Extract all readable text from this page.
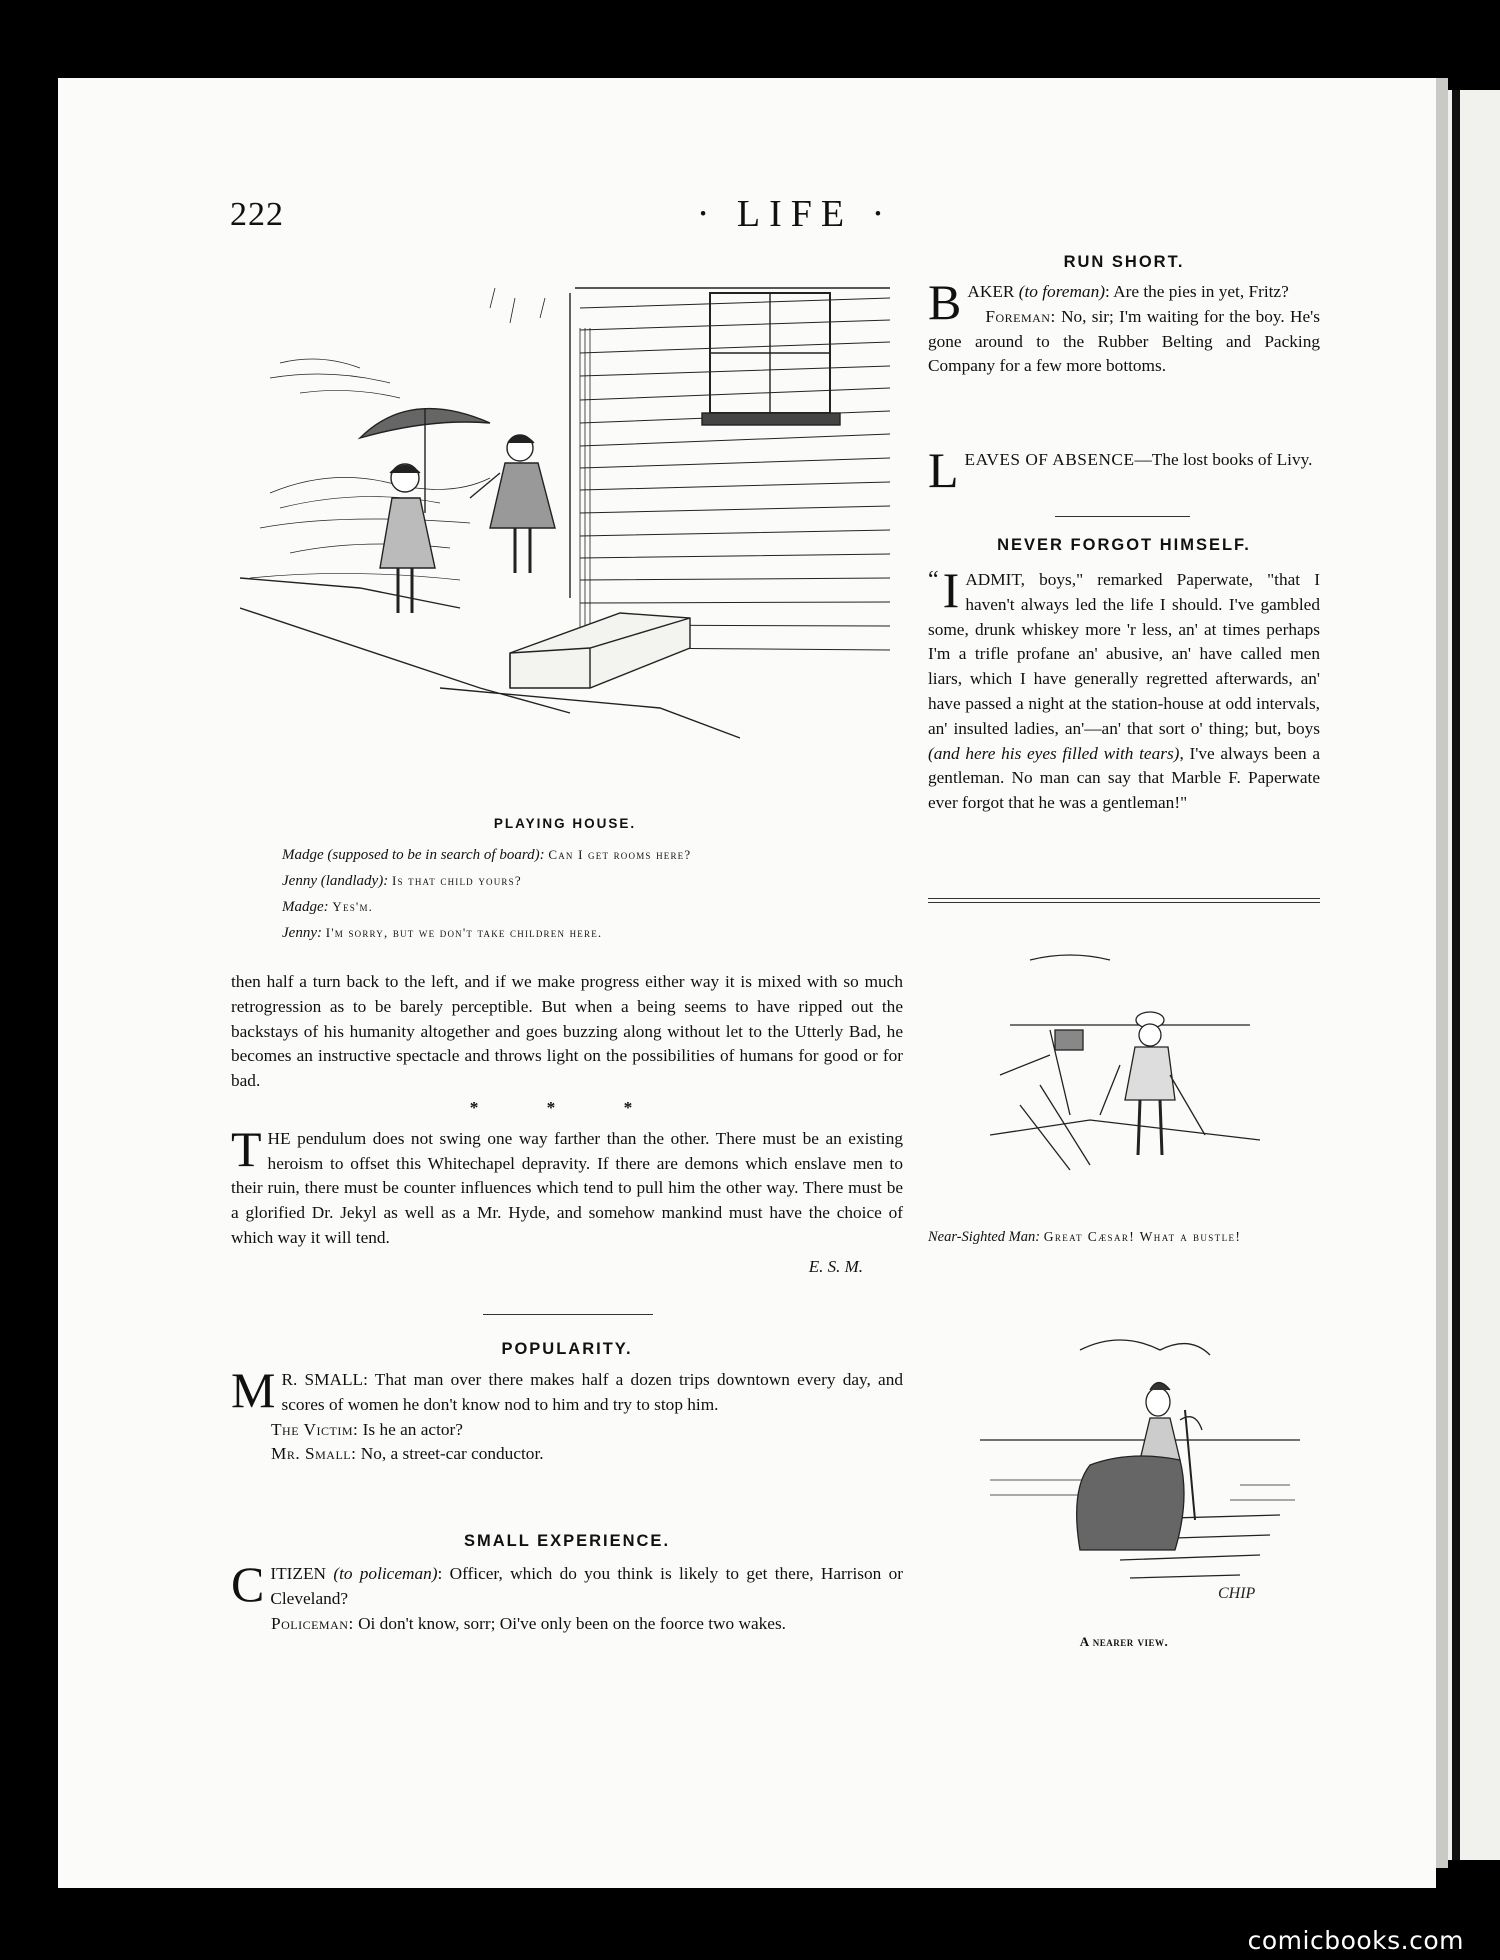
222	· LIFE ·
PLAYING HOUSE.
Madge (supposed to be in search of board): Can I get rooms here?
Jenny (landlady): Is that child yours?
Madge: Yes'm.
Jenny: I'm sorry, but we don't take children here.

then half a turn back to the left, and if we make progress either way it is mixed with so much retrogression as to be barely perceptible. But when a being seems to have ripped out the backstays of his humanity altogether and goes buzzing along without let to the Utterly Bad, he becomes an instructive spectacle and throws light on the possibilities of humans for good or for bad.

* * *

THE pendulum does not swing one way farther than the other. There must be an existing heroism to offset this Whitechapel depravity. If there are demons which enslave men to their ruin, there must be counter influences which tend to pull him the other way. There must be a glorified Dr. Jekyl as well as a Mr. Hyde, and somehow mankind must have the choice of which way it will tend.

E. S. M.
POPULARITY.

M R. SMALL: That man over there makes half a dozen trips downtown every day, and scores of women he don't know nod to him and try to stop him.

The Victim: Is he an actor?

Mr. Small: No, a street-car conductor.

SMALL EXPERIENCE.

CITIZEN (to policeman): Officer, which do you think is likely to get there, Harrison or Cleveland?

Policeman: Oi don't know, sorr; Oi've only been on the foorce two wakes.

RUN SHORT.

BAKER (to foreman): Are the pies in yet, Fritz?

Foreman: No, sir; I'm waiting for the boy. He's gone around to the Rubber Belting and Packing Company for a few more bottoms.

LEAVES OF ABSENCE—The lost books of Livy.

NEVER FORGOT HIMSELF.

“ I ADMIT, boys," remarked Paperwate, "that I haven't always led the life I should. I've gambled some, drunk whiskey more 'r less, an' at times perhaps I'm a trifle profane an' abusive, an' have called men liars, which I have generally regretted afterwards, an' have passed a night at the station-house at odd intervals, an' insulted ladies, an'—an' that sort o' thing; but, boys (and here his eyes filled with tears), I've always been a gentleman. No man can say that Marble F. Paperwate ever forgot that he was a gentleman!"

Near-Sighted Man: Great Cæsar! What a bustle!
CHIP
A nearer view.
comicbooks.com
